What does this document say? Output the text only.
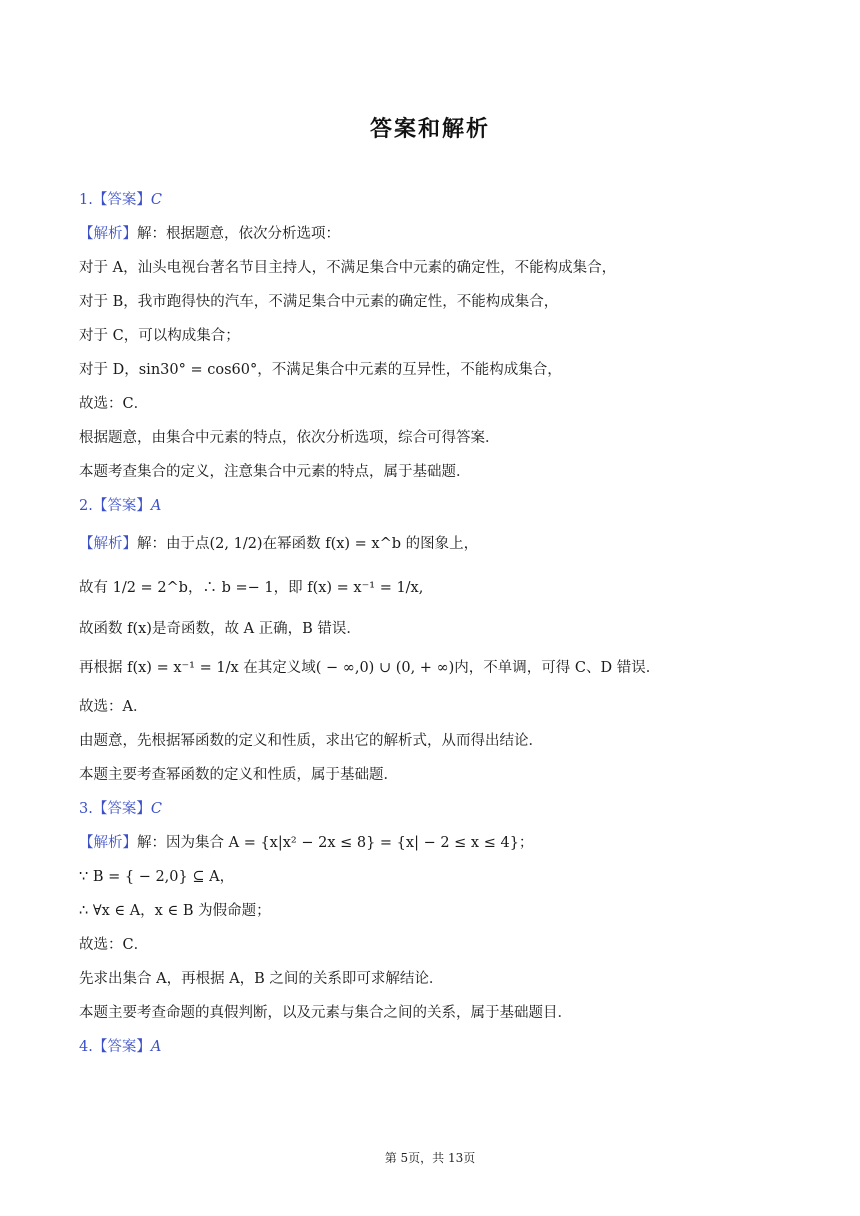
答案和解析
1.【答案】C
【解析】解：根据题意，依次分析选项：
对于 A，汕头电视台著名节目主持人，不满足集合中元素的确定性，不能构成集合，
对于 B，我市跑得快的汽车，不满足集合中元素的确定性，不能构成集合，
对于 C，可以构成集合；
对于 D，sin30° = cos60°，不满足集合中元素的互异性，不能构成集合，
故选：C．
根据题意，由集合中元素的特点，依次分析选项，综合可得答案．
本题考查集合的定义，注意集合中元素的特点，属于基础题．
2.【答案】A
【解析】解：由于点(2, 1/2)在幂函数 f(x) = x^b 的图象上，
故有 1/2 = 2^b，∴ b =− 1，即 f(x) = x⁻¹ = 1/x,
故函数 f(x)是奇函数，故 A 正确，B 错误．
再根据 f(x) = x⁻¹ = 1/x 在其定义域( − ∞,0) ∪ (0, + ∞)内，不单调，可得 C、D 错误．
故选：A．
由题意，先根据幂函数的定义和性质，求出它的解析式，从而得出结论．
本题主要考查幂函数的定义和性质，属于基础题．
3.【答案】C
【解析】解：因为集合 A = {x|x² − 2x ≤ 8} = {x| − 2 ≤ x ≤ 4}；
∵ B = { − 2,0} ⊆ A，
∴ ∀x ∈ A，x ∈ B 为假命题；
故选：C．
先求出集合 A，再根据 A，B 之间的关系即可求解结论．
本题主要考查命题的真假判断，以及元素与集合之间的关系，属于基础题目．
4.【答案】A
第 5页，共 13页
